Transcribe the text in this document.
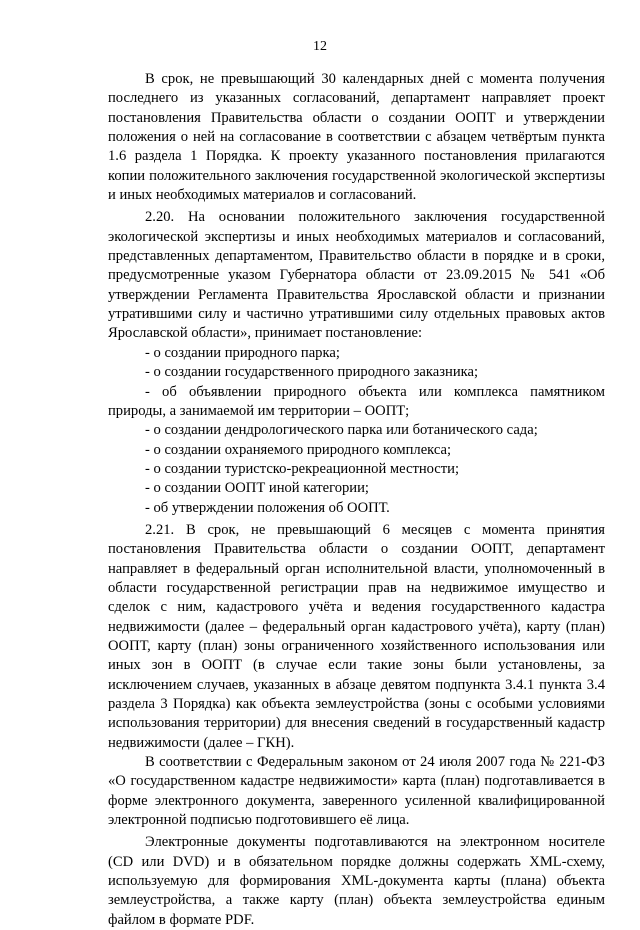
12

В срок, не превышающий 30 календарных дней с момента получения последнего из указанных согласований, департамент направляет проект постановления Правительства области о создании ООПТ и утверждении положения о ней на согласование в соответствии с абзацем четвёртым пункта 1.6 раздела 1 Порядка. К проекту указанного постановления прилагаются копии положительного заключения государственной экологической экспертизы и иных необходимых материалов и согласований.

2.20. На основании положительного заключения государственной экологической экспертизы и иных необходимых материалов и согласований, представленных департаментом, Правительство области в порядке и в сроки, предусмотренные указом Губернатора области от 23.09.2015 № 541 «Об утверждении Регламента Правительства Ярославской области и признании утратившими силу и частично утратившими силу отдельных правовых актов Ярославской области», принимает постановление:

- о создании природного парка;

- о создании государственного природного заказника;

- об объявлении природного объекта или комплекса памятником природы, а занимаемой им территории – ООПТ;

- о создании дендрологического парка или ботанического сада;

- о создании охраняемого природного комплекса;

- о создании туристско-рекреационной местности;

- о создании ООПТ иной категории;

- об утверждении положения об ООПТ.

2.21. В срок, не превышающий 6 месяцев с момента принятия постановления Правительства области о создании ООПТ, департамент направляет в федеральный орган исполнительной власти, уполномоченный в области государственной регистрации прав на недвижимое имущество и сделок с ним, кадастрового учёта и ведения государственного кадастра недвижимости (далее – федеральный орган кадастрового учёта), карту (план) ООПТ, карту (план) зоны ограниченного хозяйственного использования или иных зон в ООПТ (в случае если такие зоны были установлены, за исключением случаев, указанных в абзаце девятом подпункта 3.4.1 пункта 3.4 раздела 3 Порядка) как объекта землеустройства (зоны с особыми условиями использования территории) для внесения сведений в государственный кадастр недвижимости (далее – ГКН).

В соответствии с Федеральным законом от 24 июля 2007 года № 221-ФЗ «О государственном кадастре недвижимости» карта (план) подготавливается в форме электронного документа, заверенного усиленной квалифицированной электронной подписью подготовившего её лица.

Электронные документы подготавливаются на электронном носителе (CD или DVD) и в обязательном порядке должны содержать XML-схему, используемую для формирования XML-документа карты (плана) объекта землеустройства, а также карту (план) объекта землеустройства единым файлом в формате PDF.
